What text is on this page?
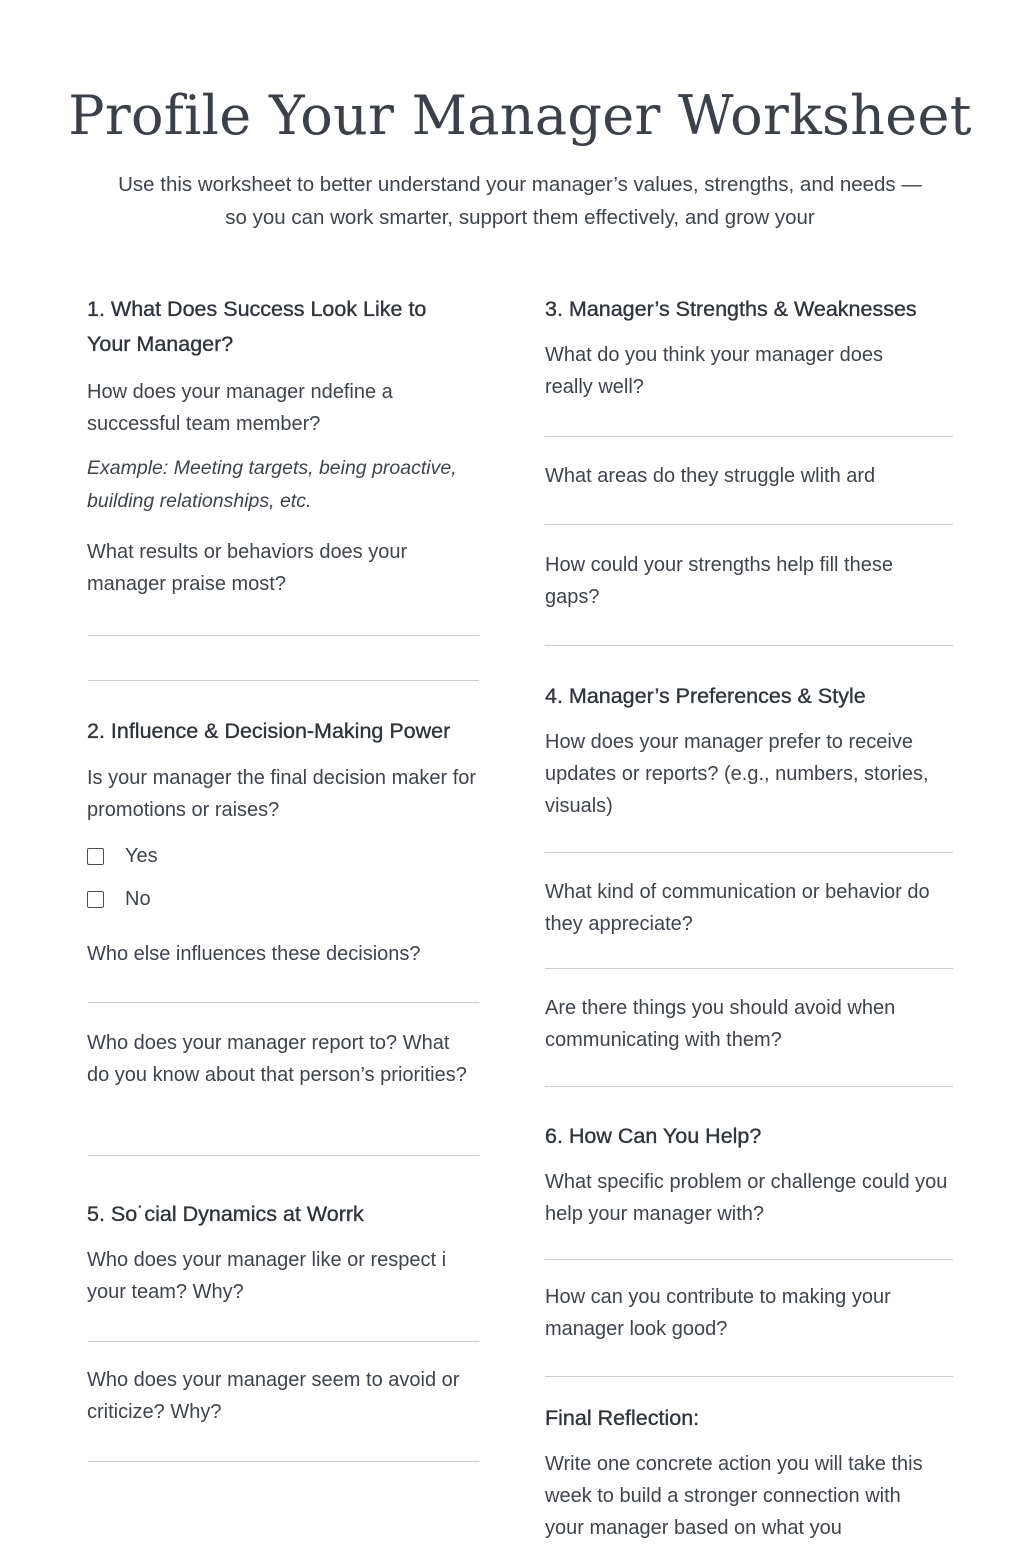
Profile Your Manager Worksheet

Use this worksheet to better understand your manager’s values, strengths, and needs — so you can work smarter, support them effectively, and grow your

1. What Does Success Look Like to Your Manager?

How does your manager ndefine a successful team member?

Example: Meeting targets, being proactive, building relationships, etc.

What results or behaviors does your manager praise most?

2. Influence & Decision-Making Power

Is your manager the final decision maker for promotions or raises?

Yes
No

Who else influences these decisions?

Who does your manager report to? What do you know about that person’s priorities?

5. So˙cial Dynamics at Worrk

Who does your manager like or respect i your team? Why?

Who does your manager seem to avoid or criticize? Why?

3. Manager’s Strengths & Weaknesses

What do you think your manager does really well?

What areas do they struggle wlith ard

How could your strengths help fill these gaps?

4. Manager’s Preferences & Style

How does your manager prefer to receive updates or reports? (e.g., numbers, stories, visuals)

What kind of communication or behavior do they appreciate?

Are there things you should avoid when communicating with them?

6. How Can You Help?

What specific problem or challenge could you help your manager with?

How can you contribute to making your manager look good?

Final Reflection:

Write one concrete action you will take this week to build a stronger connection with your manager based on what you
